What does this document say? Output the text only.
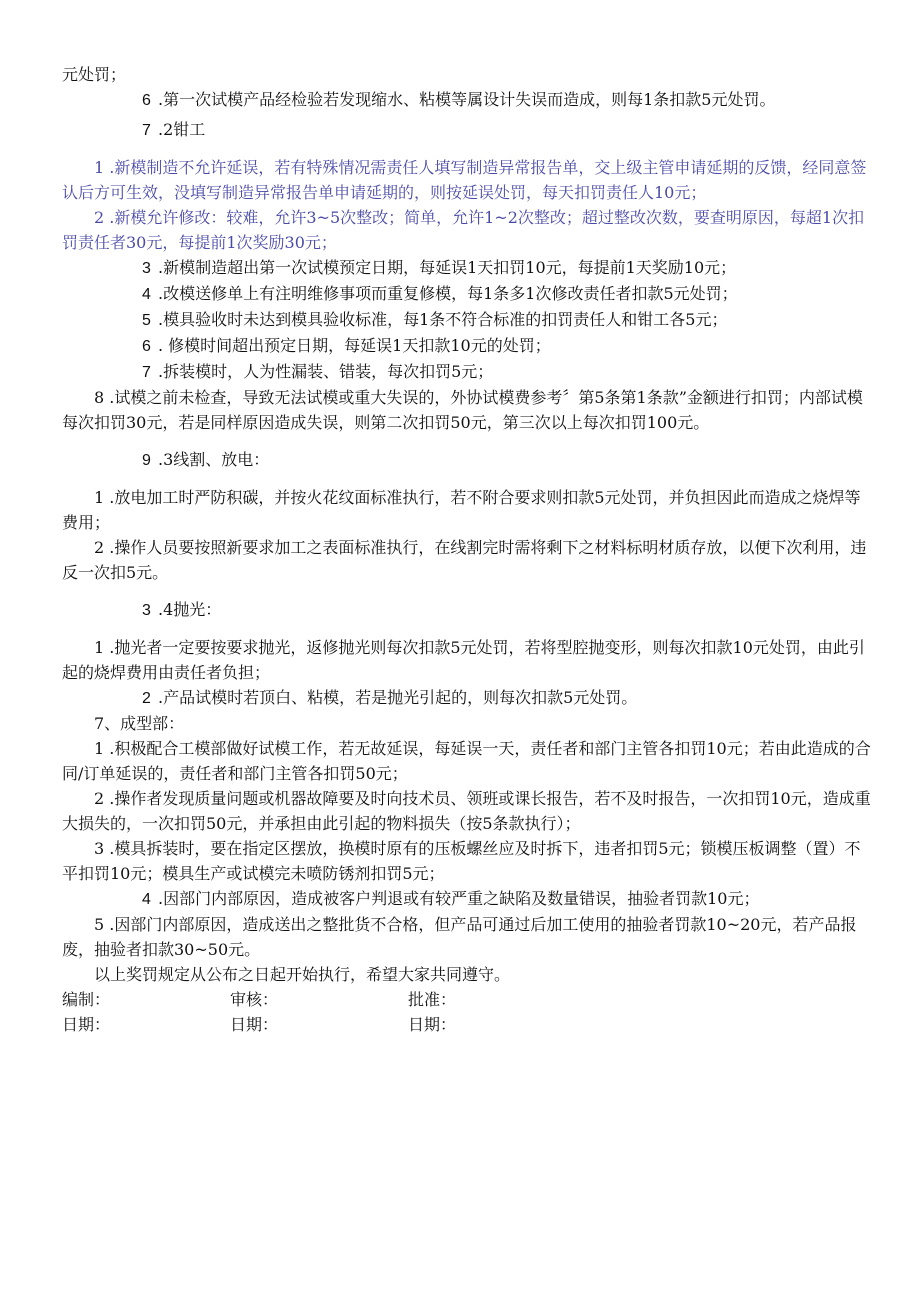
元处罚；

6 .第一次试模产品经检验若发现缩水、粘模等属设计失误而造成，则每1条扣款5元处罚。

7 .2钳工

1 .新模制造不允许延误，若有特殊情况需责任人填写制造异常报告单，交上级主管申请延期的反馈，经同意签认后方可生效，没填写制造异常报告单申请延期的，则按延误处罚，每天扣罚责任人10元；

2 .新模允许修改：较难，允许3~5次整改；简单，允许1~2次整改；超过整改次数，要查明原因，每超1次扣罚责任者30元，每提前1次奖励30元；

3 .新模制造超出第一次试模预定日期，每延误1天扣罚10元，每提前1天奖励10元；

4 .改模送修单上有注明维修事项而重复修模，每1条多1次修改责任者扣款5元处罚；

5 .模具验收时未达到模具验收标准，每1条不符合标准的扣罚责任人和钳工各5元；

6 . 修模时间超出预定日期，每延误1天扣款10元的处罚；

7 .拆装模时，人为性漏装、错装，每次扣罚5元；

8 .试模之前未检查，导致无法试模或重大失误的，外协试模费参考〞第5条第1条款”金额进行扣罚；内部试模每次扣罚30元，若是同样原因造成失误，则第二次扣罚50元，第三次以上每次扣罚100元。

9 .3线割、放电：

1 .放电加工时严防积碳，并按火花纹面标准执行，若不附合要求则扣款5元处罚，并负担因此而造成之烧焊等费用；

2 .操作人员要按照新要求加工之表面标准执行，在线割完时需将剩下之材料标明材质存放，以便下次利用，违反一次扣5元。

3 .4抛光：

1 .抛光者一定要按要求抛光，返修抛光则每次扣款5元处罚，若将型腔抛变形，则每次扣款10元处罚，由此引起的烧焊费用由责任者负担；

2 .产品试模时若顶白、粘模，若是抛光引起的，则每次扣款5元处罚。

7、成型部：

1 .积极配合工模部做好试模工作，若无故延误，每延误一天，责任者和部门主管各扣罚10元；若由此造成的合同/订单延误的，责任者和部门主管各扣罚50元；

2 .操作者发现质量问题或机器故障要及时向技术员、领班或课长报告，若不及时报告，一次扣罚10元，造成重大损失的，一次扣罚50元，并承担由此引起的物料损失（按5条款执行）；

3 .模具拆装时，要在指定区摆放，换模时原有的压板螺丝应及时拆下，违者扣罚5元；锁模压板调整（置）不平扣罚10元；模具生产或试模完未喷防锈剂扣罚5元；

4 .因部门内部原因，造成被客户判退或有较严重之缺陷及数量错误，抽验者罚款10元；

5 .因部门内部原因，造成送出之整批货不合格，但产品可通过后加工使用的抽验者罚款10~20元，若产品报废，抽验者扣款30~50元。

以上奖罚规定从公布之日起开始执行，希望大家共同遵守。

编制：	审核：	批准：
日期：	日期：	日期：
